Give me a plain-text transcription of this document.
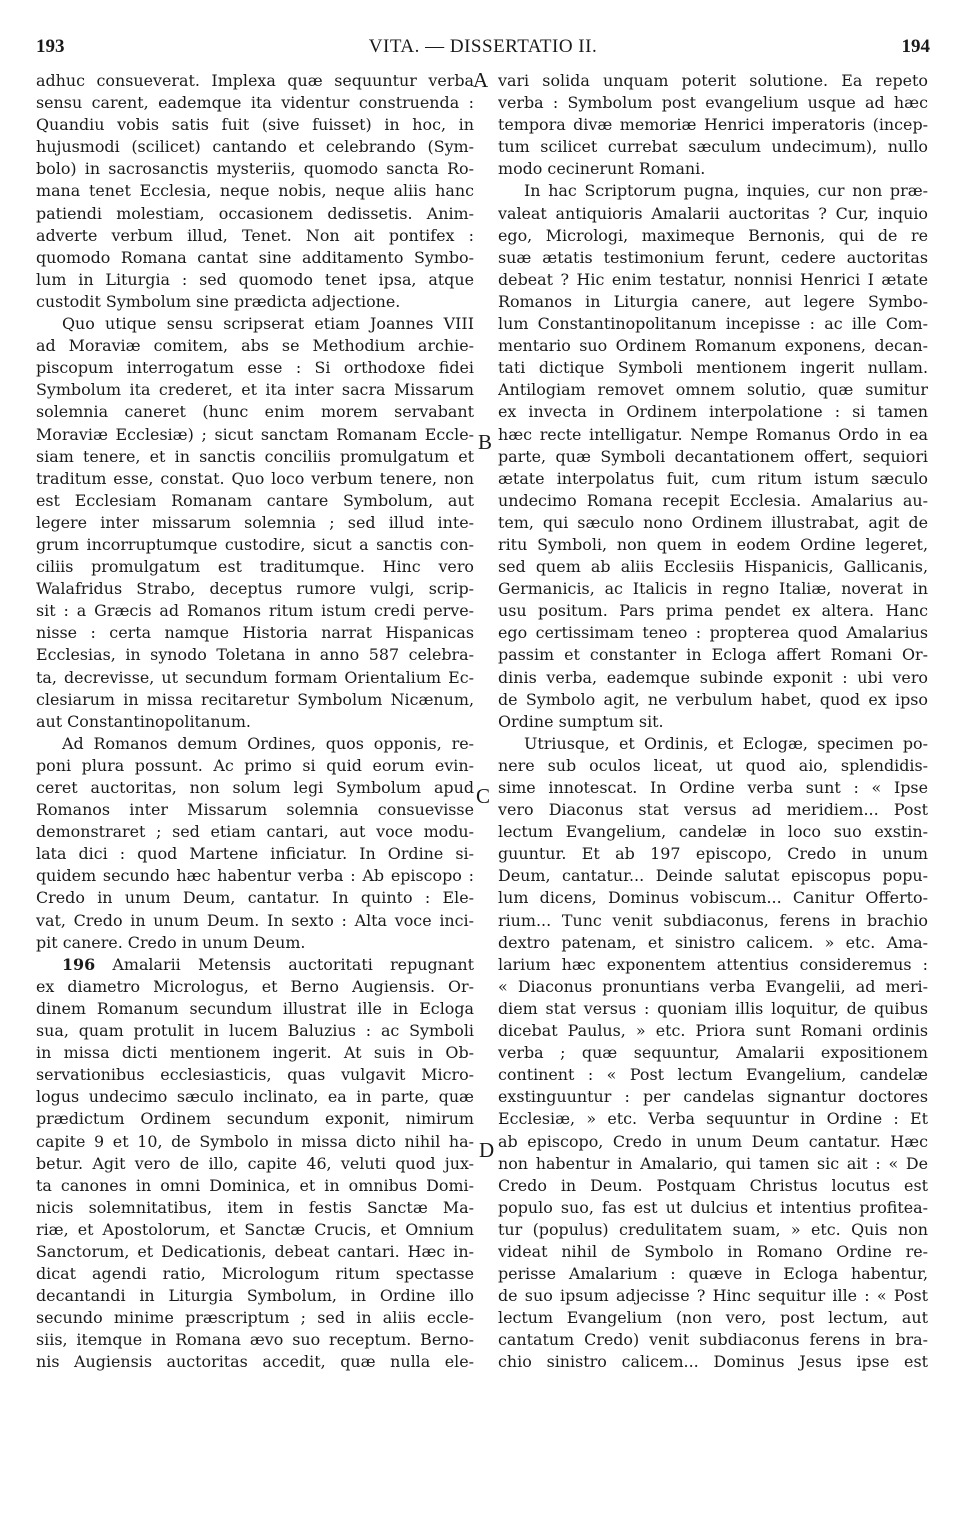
193	VITA. — DISSERTATIO II.	194
adhuc consueverat. Implexa quæ sequuntur verba
sensu carent, eademque ita videntur construenda :
Quandiu vobis satis fuit (sive fuisset) in hoc, in
hujusmodi (scilicet) cantando et celebrando (Sym-
bolo) in sacrosanctis mysteriis, quomodo sancta Ro-
mana tenet Ecclesia, neque nobis, neque aliis hanc
patiendi molestiam, occasionem dedissetis. Anim-
adverte verbum illud, Tenet. Non ait pontifex :
quomodo Romana cantat sine additamento Symbo-
lum in Liturgia : sed quomodo tenet ipsa, atque
custodit Symbolum sine prædicta adjectione.
Quo utique sensu scripserat etiam Joannes VIII
ad Moraviæ comitem, abs se Methodium archie-
piscopum interrogatum esse : Si orthodoxe fidei
Symbolum ita crederet, et ita inter sacra Missarum
solemnia caneret (hunc enim morem servabant
Moraviæ Ecclesiæ) ; sicut sanctam Romanam Eccle-
siam tenere, et in sanctis conciliis promulgatum et
traditum esse, constat. Quo loco verbum tenere, non
est Ecclesiam Romanam cantare Symbolum, aut
legere inter missarum solemnia ; sed illud inte-
grum incorruptumque custodire, sicut a sanctis con-
ciliis promulgatum est traditumque. Hinc vero
Walafridus Strabo, deceptus rumore vulgi, scrip-
sit : a Græcis ad Romanos ritum istum credi perve-
nisse : certa namque Historia narrat Hispanicas
Ecclesias, in synodo Toletana in anno 587 celebra-
ta, decrevisse, ut secundum formam Orientalium Ec-
clesiarum in missa recitaretur Symbolum Nicænum,
aut Constantinopolitanum.
Ad Romanos demum Ordines, quos opponis, re-
poni plura possunt. Ac primo si quid eorum evin-
ceret auctoritas, non solum legi Symbolum apud
Romanos inter Missarum solemnia consuevisse
demonstraret ; sed etiam cantari, aut voce modu-
lata dici : quod Martene inficiatur. In Ordine si-
quidem secundo hæc habentur verba : Ab episcopo :
Credo in unum Deum, cantatur. In quinto : Ele-
vat, Credo in unum Deum. In sexto : Alta voce inci-
pit canere. Credo in unum Deum.
196 Amalarii Metensis auctoritati repugnant
ex diametro Micrologus, et Berno Augiensis. Or-
dinem Romanum secundum illustrat ille in Ecloga
sua, quam protulit in lucem Baluzius : ac Symboli
in missa dicti mentionem ingerit. At suis in Ob-
servationibus ecclesiasticis, quas vulgavit Micro-
logus undecimo sæculo inclinato, ea in parte, quæ
prædictum Ordinem secundum exponit, nimirum
capite 9 et 10, de Symbolo in missa dicto nihil ha-
betur. Agit vero de illo, capite 46, veluti quod jux-
ta canones in omni Dominica, et in omnibus Domi-
nicis solemnitatibus, item in festis Sanctæ Ma-
riæ, et Apostolorum, et Sanctæ Crucis, et Omnium
Sanctorum, et Dedicationis, debeat cantari. Hæc in-
dicat agendi ratio, Micrologum ritum spectasse
decantandi in Liturgia Symbolum, in Ordine illo
secundo minime præscriptum ; sed in aliis eccle-
siis, itemque in Romana ævo suo receptum. Berno-
nis Augiensis auctoritas accedit, quæ nulla ele-
vari solida unquam poterit solutione. Ea repeto
verba : Symbolum post evangelium usque ad hæc
tempora divæ memoriæ Henrici imperatoris (incep-
tum scilicet currebat sæculum undecimum), nullo
modo cecinerunt Romani.
In hac Scriptorum pugna, inquies, cur non præ-
valeat antiquioris Amalarii auctoritas ? Cur, inquio
ego, Micrologi, maximeque Bernonis, qui de re
suæ ætatis testimonium ferunt, cedere auctoritas
debeat ? Hic enim testatur, nonnisi Henrici I ætate
Romanos in Liturgia canere, aut legere Symbo-
lum Constantinopolitanum incepisse : ac ille Com-
mentario suo Ordinem Romanum exponens, decan-
tati dictique Symboli mentionem ingerit nullam.
Antilogiam removet omnem solutio, quæ sumitur
ex invecta in Ordinem interpolatione : si tamen
hæc recte intelligatur. Nempe Romanus Ordo in ea
parte, quæ Symboli decantationem offert, sequiori
ætate interpolatus fuit, cum ritum istum sæculo
undecimo Romana recepit Ecclesia. Amalarius au-
tem, qui sæculo nono Ordinem illustrabat, agit de
ritu Symboli, non quem in eodem Ordine legeret,
sed quem ab aliis Ecclesiis Hispanicis, Gallicanis,
Germanicis, ac Italicis in regno Italiæ, noverat in
usu positum. Pars prima pendet ex altera. Hanc
ego certissimam teneo : propterea quod Amalarius
passim et constanter in Ecloga affert Romani Or-
dinis verba, eademque subinde exponit : ubi vero
de Symbolo agit, ne verbulum habet, quod ex ipso
Ordine sumptum sit.
Utriusque, et Ordinis, et Eclogæ, specimen po-
nere sub oculos liceat, ut quod aio, splendidis-
sime innotescat. In Ordine verba sunt : « Ipse
vero Diaconus stat versus ad meridiem... Post
lectum Evangelium, candelæ in loco suo exstin-
guuntur. Et ab 197 episcopo, Credo in unum
Deum, cantatur... Deinde salutat episcopus popu-
lum dicens, Dominus vobiscum... Canitur Offerto-
rium... Tunc venit subdiaconus, ferens in brachio
dextro patenam, et sinistro calicem. » etc. Ama-
larium hæc exponentem attentius consideremus :
« Diaconus pronuntians verba Evangelii, ad meri-
diem stat versus : quoniam illis loquitur, de quibus
dicebat Paulus, » etc. Priora sunt Romani ordinis
verba ; quæ sequuntur, Amalarii expositionem
continent : « Post lectum Evangelium, candelæ
exstinguuntur : per candelas signantur doctores
Ecclesiæ, » etc. Verba sequuntur in Ordine : Et
ab episcopo, Credo in unum Deum cantatur. Hæc
non habentur in Amalario, qui tamen sic ait : « De
Credo in Deum. Postquam Christus locutus est
populo suo, fas est ut dulcius et intentius profitea-
tur (populus) credulitatem suam, » etc. Quis non
videat nihil de Symbolo in Romano Ordine re-
perisse Amalarium : quæve in Ecloga habentur,
de suo ipsum adjecisse ? Hinc sequitur ille : « Post
lectum Evangelium (non vero, post lectum, aut
cantatum Credo) venit subdiaconus ferens in bra-
chio sinistro calicem... Dominus Jesus ipse est
A
B
C
D
